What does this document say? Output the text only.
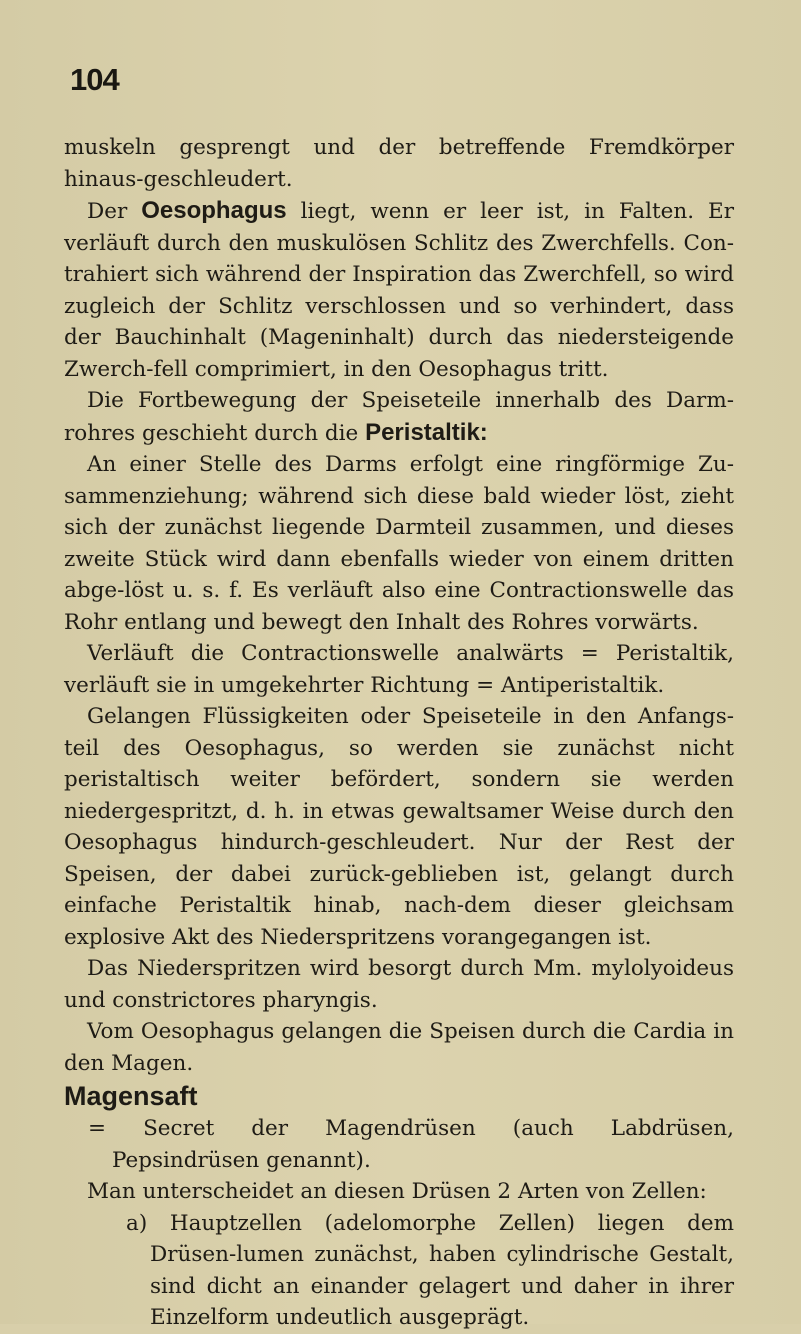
104

muskeln gesprengt und der betreffende Fremdkörper hinaus-geschleudert.

Der Oesophagus liegt, wenn er leer ist, in Falten. Er verläuft durch den muskulösen Schlitz des Zwerchfells. Con-trahiert sich während der Inspiration das Zwerchfell, so wird zugleich der Schlitz verschlossen und so verhindert, dass der Bauchinhalt (Mageninhalt) durch das niedersteigende Zwerch-fell comprimiert, in den Oesophagus tritt.

Die Fortbewegung der Speiseteile innerhalb des Darm-rohres geschieht durch die Peristaltik:

An einer Stelle des Darms erfolgt eine ringförmige Zu-sammenziehung; während sich diese bald wieder löst, zieht sich der zunächst liegende Darmteil zusammen, und dieses zweite Stück wird dann ebenfalls wieder von einem dritten abge-löst u. s. f. Es verläuft also eine Contractionswelle das Rohr entlang und bewegt den Inhalt des Rohres vorwärts.

Verläuft die Contractionswelle analwärts = Peristaltik, verläuft sie in umgekehrter Richtung = Antiperistaltik.

Gelangen Flüssigkeiten oder Speiseteile in den Anfangs-teil des Oesophagus, so werden sie zunächst nicht peristaltisch weiter befördert, sondern sie werden niedergespritzt, d. h. in etwas gewaltsamer Weise durch den Oesophagus hindurch-geschleudert. Nur der Rest der Speisen, der dabei zurück-geblieben ist, gelangt durch einfache Peristaltik hinab, nach-dem dieser gleichsam explosive Akt des Niederspritzens vorangegangen ist.

Das Niederspritzen wird besorgt durch Mm. mylolyoideus und constrictores pharyngis.

Vom Oesophagus gelangen die Speisen durch die Cardia in den Magen.

Magensaft

= Secret der Magendrüsen (auch Labdrüsen, Pepsindrüsen genannt).

Man unterscheidet an diesen Drüsen 2 Arten von Zellen:

a) Hauptzellen (adelomorphe Zellen) liegen dem Drüsen-lumen zunächst, haben cylindrische Gestalt, sind dicht an einander gelagert und daher in ihrer Einzelform undeutlich ausgeprägt.
